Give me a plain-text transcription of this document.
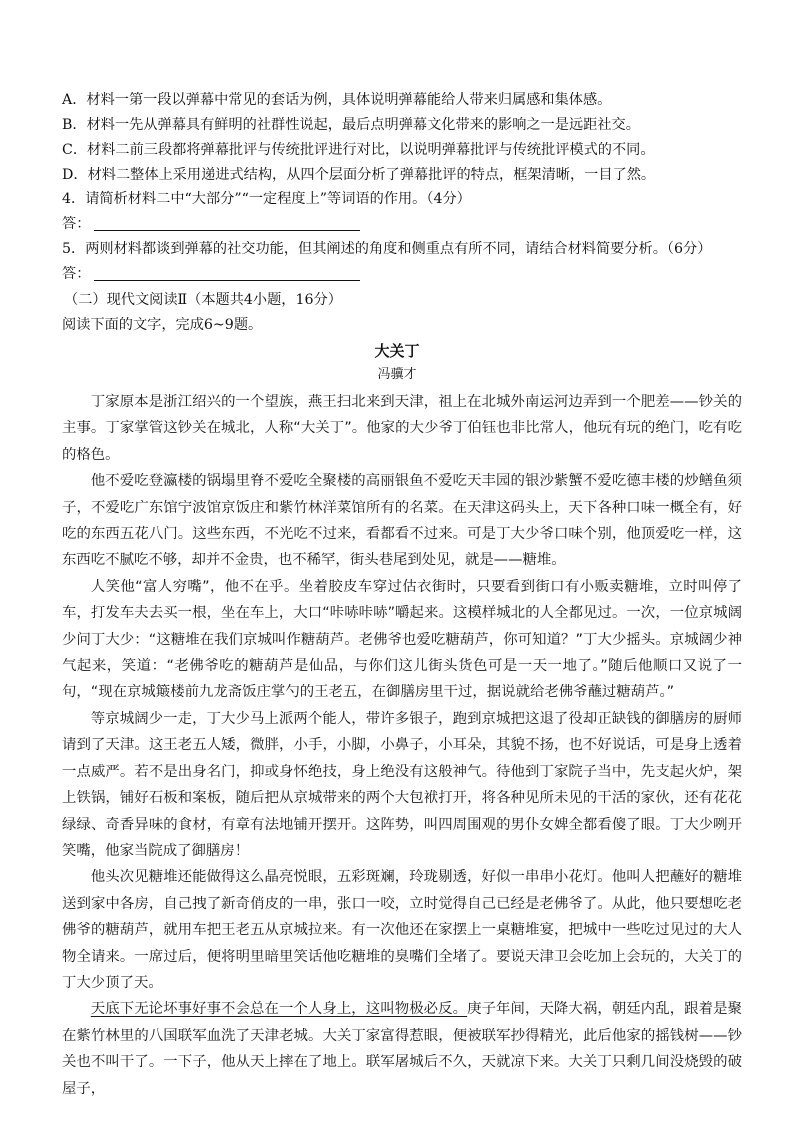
A．材料一第一段以弹幕中常见的套话为例，具体说明弹幕能给人带来归属感和集体感。
B．材料一先从弹幕具有鲜明的社群性说起，最后点明弹幕文化带来的影响之一是远距社交。
C．材料二前三段都将弹幕批评与传统批评进行对比，以说明弹幕批评与传统批评模式的不同。
D．材料二整体上采用递进式结构，从四个层面分析了弹幕批评的特点，框架清晰，一目了然。
4．请简析材料二中“大部分”“一定程度上”等词语的作用。（4分）
答：
5．两则材料都谈到弹幕的社交功能，但其阐述的角度和侧重点有所不同，请结合材料简要分析。（6分）
答：
（二）现代文阅读Ⅱ（本题共4小题，16分）
阅读下面的文字，完成6~9题。
大关丁
冯骥才

丁家原本是浙江绍兴的一个望族，燕王扫北来到天津，祖上在北城外南运河边弄到一个肥差——钞关的主事。丁家掌管这钞关在城北，人称“大关丁”。他家的大少爷丁伯钰也非比常人，他玩有玩的绝门，吃有吃的格色。

他不爱吃登瀛楼的锅塌里脊不爱吃全聚楼的高丽银鱼不爱吃天丰园的银沙紫蟹不爱吃德丰楼的炒鳝鱼须子，不爱吃广东馆宁波馆京饭庄和紫竹林洋菜馆所有的名菜。在天津这码头上，天下各种口味一概全有，好吃的东西五花八门。这些东西，不光吃不过来，看都看不过来。可是丁大少爷口味个别，他顶爱吃一样，这东西吃不腻吃不够，却并不金贵，也不稀罕，街头巷尾到处见，就是——糖堆。

人笑他“富人穷嘴”，他不在乎。坐着胶皮车穿过估衣街时，只要看到街口有小贩卖糖堆，立时叫停了车，打发车夫去买一根，坐在车上，大口“咔哧咔哧”嚼起来。这模样城北的人全都见过。一次，一位京城阔少问丁大少：“这糖堆在我们京城叫作糖葫芦。老佛爷也爱吃糖葫芦，你可知道？”丁大少摇头。京城阔少神气起来，笑道：“老佛爷吃的糖葫芦是仙品，与你们这儿街头货色可是一天一地了。”随后他顺口又说了一句，“现在京城簸楼前九龙斋饭庄掌勺的王老五，在御膳房里干过，据说就给老佛爷蘸过糖葫芦。”

等京城阔少一走，丁大少马上派两个能人，带许多银子，跑到京城把这退了役却正缺钱的御膳房的厨师请到了天津。这王老五人矮，微胖，小手，小脚，小鼻子，小耳朵，其貌不扬，也不好说话，可是身上透着一点威严。若不是出身名门，抑或身怀绝技，身上绝没有这般神气。待他到丁家院子当中，先支起火炉，架上铁锅，铺好石板和案板，随后把从京城带来的两个大包袱打开，将各种见所未见的干活的家伙，还有花花绿绿、奇香异味的食材，有章有法地铺开摆开。这阵势，叫四周围观的男仆女婢全都看傻了眼。丁大少咧开笑嘴，他家当院成了御膳房！

他头次见糖堆还能做得这么晶亮悦眼，五彩斑斓，玲珑剔透，好似一串串小花灯。他叫人把蘸好的糖堆送到家中各房，自己拽了新奇俏皮的一串，张口一咬，立时觉得自己已经是老佛爷了。从此，他只要想吃老佛爷的糖葫芦，就用车把王老五从京城拉来。有一次他还在家摆上一桌糖堆宴，把城中一些吃过见过的大人物全请来。一席过后，便将明里暗里笑话他吃糖堆的臭嘴们全堵了。要说天津卫会吃加上会玩的，大关丁的丁大少顶了天。

天底下无论坏事好事不会总在一个人身上，这叫物极必反。庚子年间，天降大祸，朝廷内乱，跟着是聚在紫竹林里的八国联军血洗了天津老城。大关丁家富得惹眼，便被联军抄得精光，此后他家的摇钱树——钞关也不叫干了。一下子，他从天上摔在了地上。联军屠城后不久，天就凉下来。大关丁只剩几间没烧毁的破屋子，
